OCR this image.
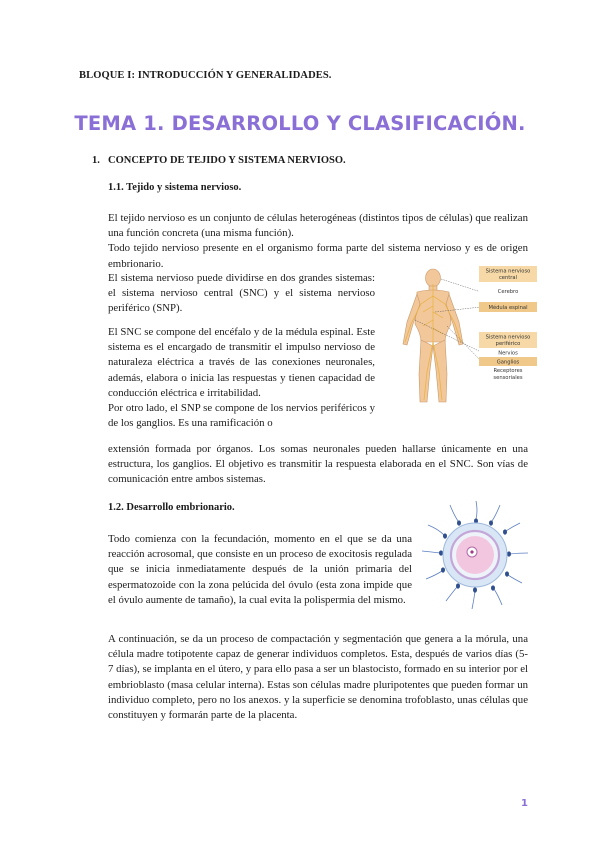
BLOQUE I: INTRODUCCIÓN Y GENERALIDADES.
TEMA 1. DESARROLLO Y CLASIFICACIÓN.
1. CONCEPTO DE TEJIDO Y SISTEMA NERVIOSO.
1.1. Tejido y sistema nervioso.

El tejido nervioso es un conjunto de células heterogéneas (distintos tipos de células) que realizan una función concreta (una misma función).

Todo tejido nervioso presente en el organismo forma parte del sistema nervioso y es de origen embrionario.

El sistema nervioso puede dividirse en dos grandes sistemas: el sistema nervioso central (SNC) y el sistema nervioso periférico (SNP).

El SNC se compone del encéfalo y de la médula espinal. Este sistema es el encargado de transmitir el impulso nervioso de naturaleza eléctrica a través de las conexiones neuronales, además, elabora o inicia las respuestas y tienen capacidad de conducción eléctrica e irritabilidad.

Por otro lado, el SNP se compone de los nervios periféricos y de los ganglios. Es una ramificación o

extensión formada por órganos. Los somas neuronales pueden hallarse únicamente en una estructura, los ganglios. El objetivo es transmitir la respuesta elaborada en el SNC. Son vías de comunicación entre ambos sistemas.

Sistema nervioso
central
Cerebro
Médula espinal
Sistema nervioso
periférico
Nervios
Ganglios
Receptores
sensoriales
1.2. Desarrollo embrionario.

Todo comienza con la fecundación, momento en el que se da una reacción acrosomal, que consiste en un proceso de exocitosis regulada que se inicia inmediatamente después de la unión primaria del espermatozoide con la zona pelúcida del óvulo (esta zona impide que el óvulo aumente de tamaño), la cual evita la polispermia del mismo.

A continuación, se da un proceso de compactación y segmentación que genera a la mórula, una célula madre totipotente capaz de generar individuos completos. Esta, después de varios días (5-7 días), se implanta en el útero, y para ello pasa a ser un blastocisto, formado en su interior por el embrioblasto (masa celular interna). Estas son células madre pluripotentes que pueden formar un individuo completo, pero no los anexos. y la superficie se denomina trofoblasto, unas células que constituyen y formarán parte de la placenta.

1
